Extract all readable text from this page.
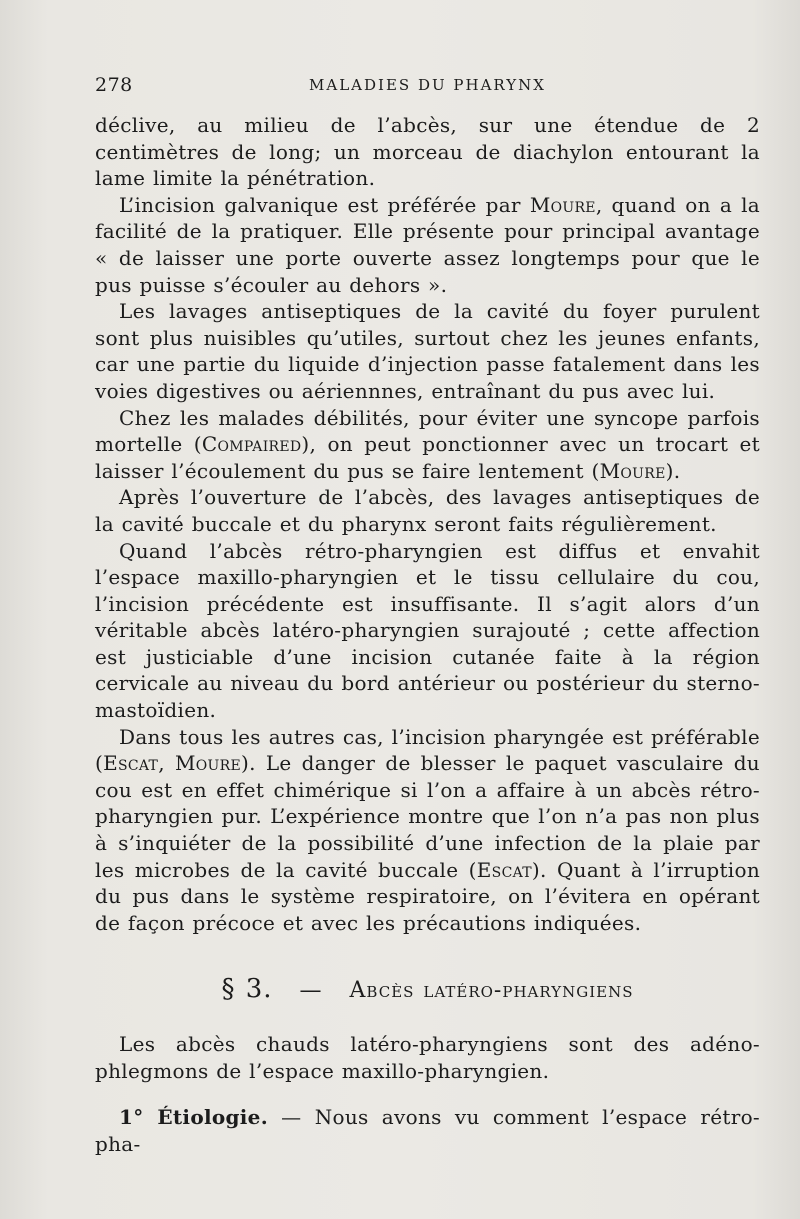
278	MALADIES DU PHARYNX

déclive, au milieu de l’abcès, sur une étendue de 2 centimètres de long; un morceau de diachylon entourant la lame limite la pénétration.

L’incision galvanique est préférée par Moure, quand on a la facilité de la pratiquer. Elle présente pour principal avantage « de laisser une porte ouverte assez longtemps pour que le pus puisse s’écouler au dehors ».

Les lavages antiseptiques de la cavité du foyer purulent sont plus nuisibles qu’utiles, surtout chez les jeunes enfants, car une partie du liquide d’injection passe fatalement dans les voies digestives ou aériennnes, entraînant du pus avec lui.

Chez les malades débilités, pour éviter une syncope parfois mortelle (Compaired), on peut ponctionner avec un trocart et laisser l’écoulement du pus se faire lentement (Moure).

Après l’ouverture de l’abcès, des lavages antiseptiques de la cavité buccale et du pharynx seront faits régulièrement.

Quand l’abcès rétro-pharyngien est diffus et envahit l’espace maxillo-pharyngien et le tissu cellulaire du cou, l’incision précédente est insuffisante. Il s’agit alors d’un véritable abcès latéro-pharyngien surajouté ; cette affection est justiciable d’une incision cutanée faite à la région cervicale au niveau du bord antérieur ou postérieur du sterno-mastoïdien.

Dans tous les autres cas, l’incision pharyngée est préférable (Escat, Moure). Le danger de blesser le paquet vasculaire du cou est en effet chimérique si l’on a affaire à un abcès rétro-pharyngien pur. L’expérience montre que l’on n’a pas non plus à s’inquiéter de la possibilité d’une infection de la plaie par les microbes de la cavité buccale (Escat). Quant à l’irruption du pus dans le système respiratoire, on l’évitera en opérant de façon précoce et avec les précautions indiquées.

§ 3. — Abcès latéro-pharyngiens

Les abcès chauds latéro-pharyngiens sont des adéno-phlegmons de l’espace maxillo-pharyngien.

1° Étiologie. — Nous avons vu comment l’espace rétro-pha-
